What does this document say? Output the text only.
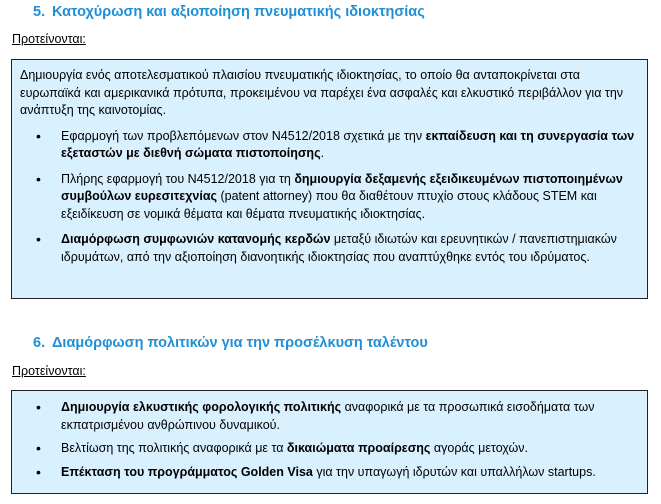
5. Κατοχύρωση και αξιοποίηση πνευματικής ιδιοκτησίας

Προτείνονται:

Δημιουργία ενός αποτελεσματικού πλαισίου πνευματικής ιδιοκτησίας, το οποίο θα ανταποκρίνεται στα ευρωπαϊκά και αμερικανικά πρότυπα, προκειμένου να παρέχει ένα ασφαλές και ελκυστικό περιβάλλον για την ανάπτυξη της καινοτομίας.

• Εφαρμογή των προβλεπόμενων στον Ν4512/2018 σχετικά με την εκπαίδευση και τη συνεργασία των εξεταστών με διεθνή σώματα πιστοποίησης.
• Πλήρης εφαρμογή του Ν4512/2018 για τη δημιουργία δεξαμενής εξειδικευμένων πιστοποιημένων συμβούλων ευρεσιτεχνίας (patent attorney) που θα διαθέτουν πτυχίο στους κλάδους STEM και εξειδίκευση σε νομικά θέματα και θέματα πνευματικής ιδιοκτησίας.
• Διαμόρφωση συμφωνιών κατανομής κερδών μεταξύ ιδιωτών και ερευνητικών / πανεπιστημιακών ιδρυμάτων, από την αξιοποίηση διανοητικής ιδιοκτησίας που αναπτύχθηκε εντός του ιδρύματος.
6. Διαμόρφωση πολιτικών για την προσέλκυση ταλέντου

Προτείνονται:

• Δημιουργία ελκυστικής φορολογικής πολιτικής αναφορικά με τα προσωπικά εισοδήματα των εκπατρισμένου ανθρώπινου δυναμικού.
• Βελτίωση της πολιτικής αναφορικά με τα δικαιώματα προαίρεσης αγοράς μετοχών.
• Επέκταση του προγράμματος Golden Visa για την υπαγωγή ιδρυτών και υπαλλήλων startups.
